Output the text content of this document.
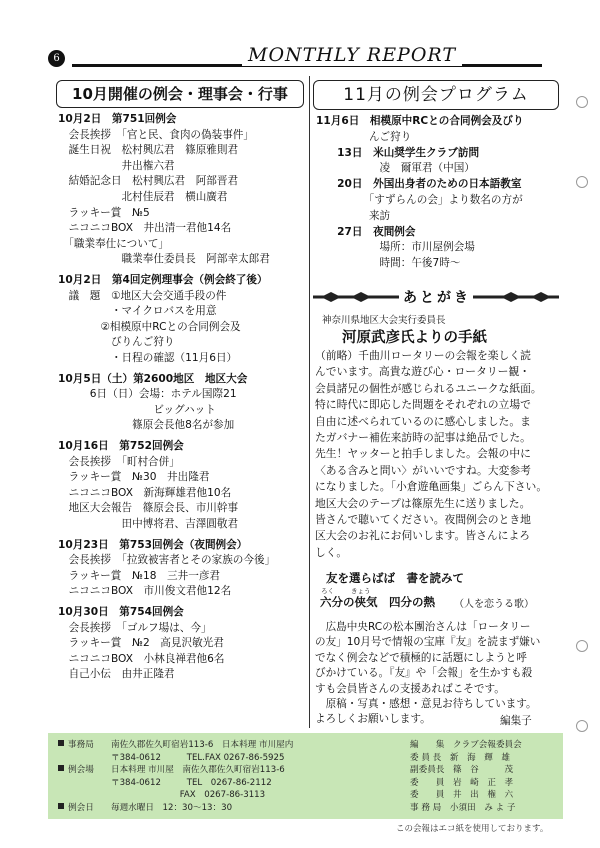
6	MONTHLY REPORT
10月開催の例会・理事会・行事
10月2日　第751回例会
　会長挨拶　「官と民、食肉の偽装事件」
　誕生日祝　松村興広君　篠原雅則君
　　　　　　井出権六君
　結婚記念日　松村興広君　阿部晋君
　　　　　　北村佳辰君　横山廣君
　ラッキー賞　№5
　ニコニコBOX　井出清一君他14名
　「職業奉仕について」
　　　　　　職業奉仕委員長　阿部幸太郎君
10月2日　第4回定例理事会（例会終了後）
　議　題　①地区大会交通手段の件
　　　　　・マイクロバスを用意
　　　　②相模原中RCとの合同例会及
　　　　　びりんご狩り
　　　　　・日程の確認（11月6日）
10月5日（土）第2600地区　地区大会
　　　6日（日）会場：ホテル国際21
　　　　　　　　　ビッグハット
　　　　　　　篠原会長他8名が参加
10月16日　第752回例会
　会長挨拶　「町村合併」
　ラッキー賞　№30　井出隆君
　ニコニコBOX　新海輝雄君他10名
　地区大会報告　篠原会長、市川幹事
　　　　　　田中博将君、吉澤圓敬君
10月23日　第753回例会（夜間例会）
　会長挨拶　「拉致被害者とその家族の今後」
　ラッキー賞　№18　三井一彦君
　ニコニコBOX　市川俊文君他12名
10月30日　第754回例会
　会長挨拶　「ゴルフ場は、今」
　ラッキー賞　№2　高見沢敏光君
　ニコニコBOX　小林良禅君他6名
　自己小伝　由井正隆君
11月の例会プログラム
11月6日　相模原中RCとの合同例会及びり
　　　　　んご狩り
　　13日　米山奨学生クラブ訪問
　　　　　　凌　爾軍君（中国）
　　20日　外国出身者のための日本語教室
　　　　　「すずらんの会」より数名の方が
　　　　　来訪
　　27日　夜間例会
　　　　　　場所：市川屋例会場
　　　　　　時間：午後7時～
あとがき
神奈川県地区大会実行委員長
河原武彦氏よりの手紙
（前略）千曲川ロータリーの会報を楽しく読
んでいます。高貴な遊び心・ロータリー観・
会員諸兄の個性が感じられるユニークな紙面。
特に時代に即応した問題をそれぞれの立場で
自由に述べられているのに感心しました。ま
たガバナー補佐来訪時の記事は絶品でした。
先生！ヤッターと拍手しました。会報の中に
〈ある含みと問い〉がいいですね。大変参考
になりました。「小倉遊亀画集」ごらん下さい。
地区大会のテープは篠原先生に送りました。
皆さんで聴いてください。夜間例会のとき地
区大会のお礼にお伺いします。皆さんによろ
しく。
友を選らばば　書を読みて
ろく	きょう
六分の侠気　四分の熱 （人を恋うる歌）
　広島中央RCの松本團治さんは「ロータリー
の友」10月号で情報の宝庫『友』を読まず嫌い
でなく例会などで積極的に話題にしようと呼
びかけている。『友』や「会報」を生かすも殺
すも会員皆さんの支援あればこそです。
　原稿・写真・感想・意見お待ちしています。
よろしくお願いします。	編集子
事務局　　南佐久郡佐久町宿岩113-6　日本料理 市川屋内
　　　　　〒384-0612　　　TEL.FAX 0267-86-5925
例会場　　日本料理 市川屋　南佐久郡佐久町宿岩113-6
　　　　　〒384-0612　　　TEL　0267-86-2112
　　　　　　　　　　　　　FAX　0267-86-3113
例会日　　毎週水曜日　12：30～13：30
編　　集　クラブ会報委員会
委 員 長　新　海　輝　雄
副委員長　篠　谷　　　茂
委　　員　岩　崎　正　孝
委　　員　井　出　権　六
事 務 局　小須田　み よ 子
この会報はエコ紙を使用しております。
